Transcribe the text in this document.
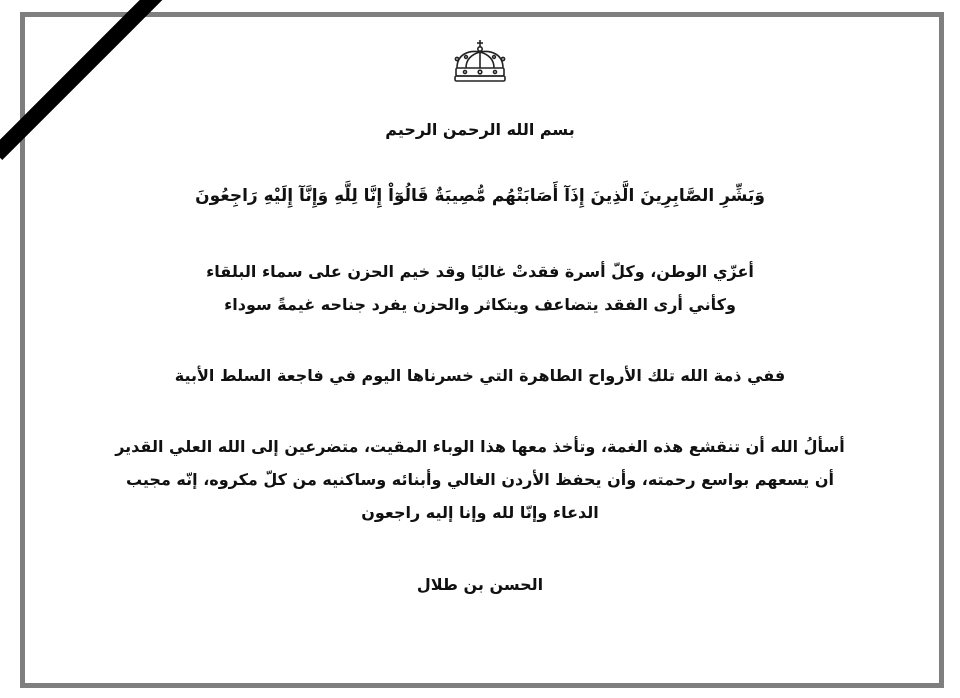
بسم الله الرحمن الرحيم
وَبَشِّرِ الصَّابِرِينَ الَّذِينَ إِذَآ أَصَابَتْهُم مُّصِيبَةٌ قَالُوٓاْ إِنَّا لِلَّهِ وَإِنَّآ إِلَيْهِ رَاجِعُونَ
أعزّي الوطن، وكلّ أسرة فقدتْ غاليًا وقد خيم الحزن على سماء البلقاء
وكأني أرى الفقد يتضاعف ويتكاثر والحزن يفرد جناحه غيمةً سوداء
ففي ذمة الله تلك الأرواح الطاهرة التي خسرناها اليوم في فاجعة السلط الأبية
أسألُ الله أن تنقشع هذه الغمة، وتأخذ معها هذا الوباء المقيت، متضرعين إلى الله العلي القدير
أن يسعهم بواسع رحمته، وأن يحفظ الأردن الغالي وأبنائه وساكنيه من كلّ مكروه، إنّه مجيب
الدعاء وإنّا لله وإنا إليه راجعون
الحسن بن طلال
